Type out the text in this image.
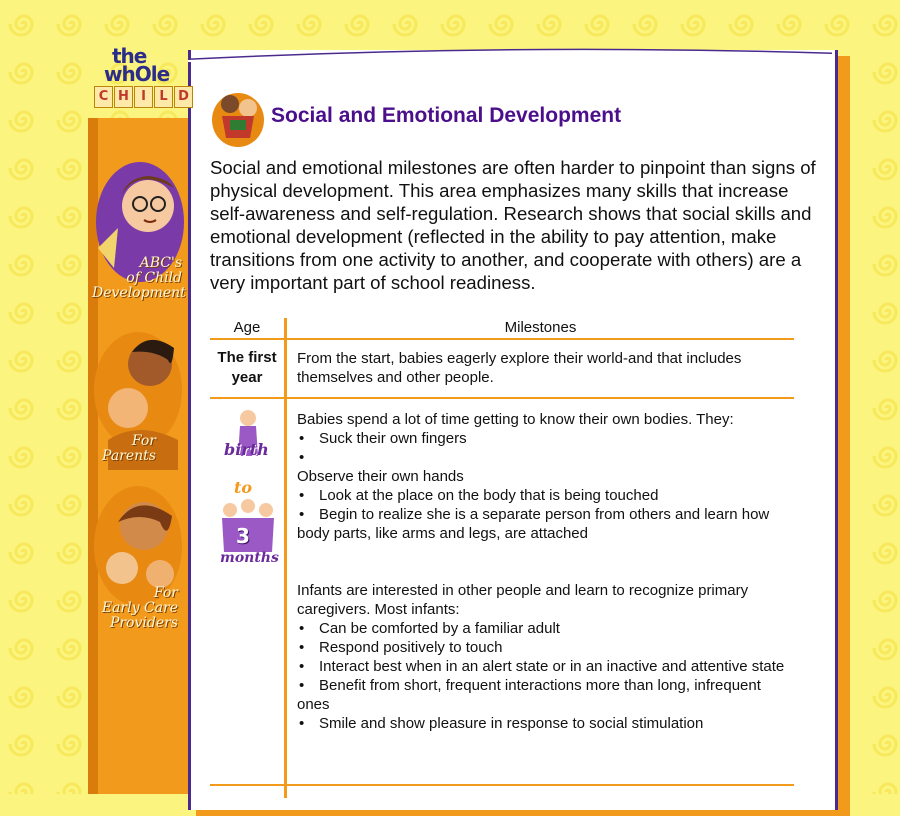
the
whOle
C H I	L D
ABC's
of Child
Development
For
Parents
For
Early Care
Providers
Social and Emotional Development

Social and emotional milestones are often harder to pinpoint than signs of physical development. This area emphasizes many skills that increase self-awareness and self-regulation. Research shows that social skills and emotional development (reflected in the ability to pay attention, make transitions from one activity to another, and cooperate with others) are a very important part of school readiness.

Age	Milestones
The first
year

From the start, babies eagerly explore their world-and that includes themselves and other people.

birth
to
3
months

Babies spend a lot of time getting to know their own bodies. They:

• Suck their own fingers
•

Observe their own hands

• Look at the place on the body that is being touched
• Begin to realize she is a separate person from others and learn how body parts, like arms and legs, are attached

Infants are interested in other people and learn to recognize primary caregivers. Most infants:

• Can be comforted by a familiar adult
• Respond positively to touch
• Interact best when in an alert state or in an inactive and attentive state
• Benefit from short, frequent interactions more than long, infrequent ones
• Smile and show pleasure in response to social stimulation
